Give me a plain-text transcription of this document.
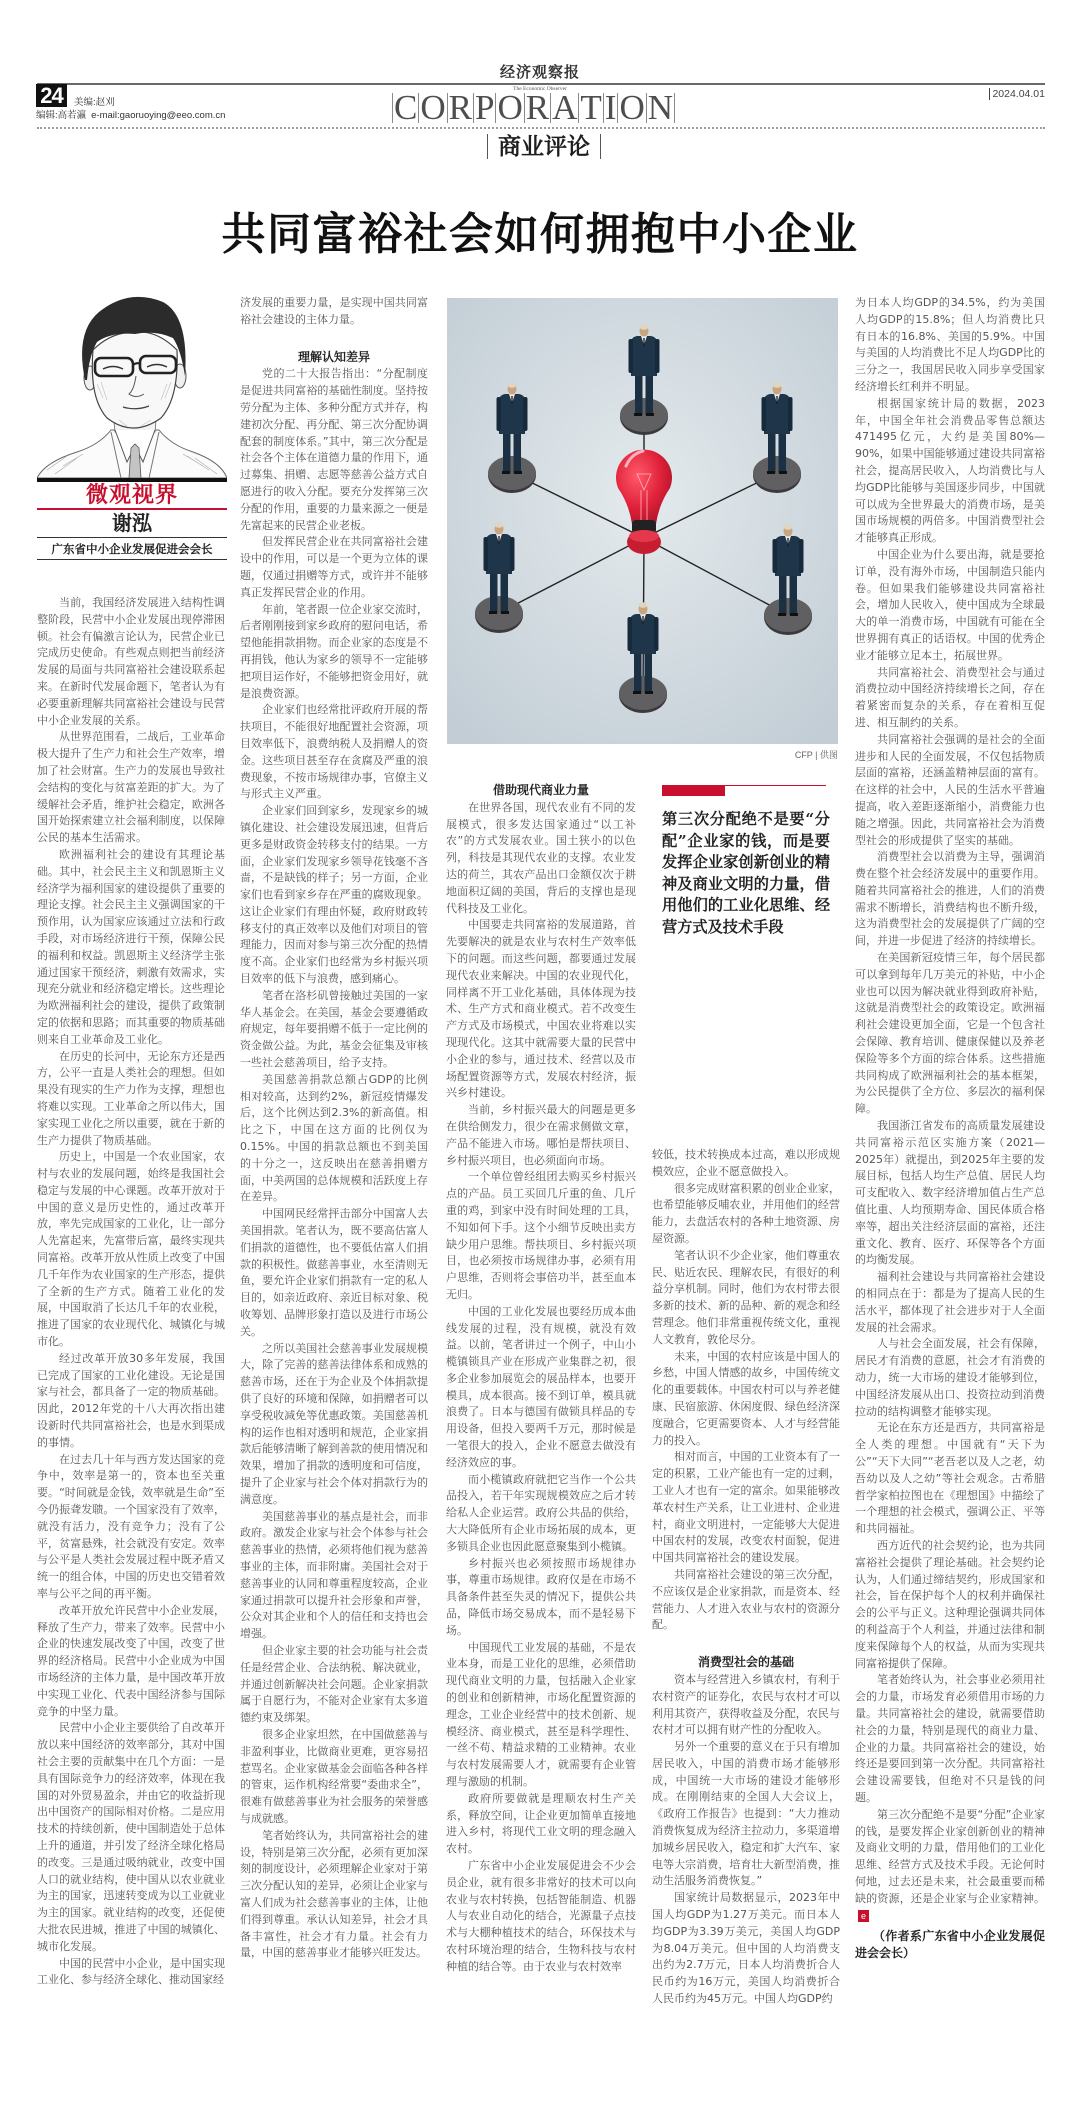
经济观察报
The Economic Observer
24	美编:赵刈
编辑:高若瀛 e-mail:gaoruoying@eeo.com.cn	CORPORATION	2024.04.01
商业评论
共同富裕社会如何拥抱中小企业
微观视界
谢泓
广东省中小企业发展促进会会长
CFP | 供图
第三次分配绝不是要“分配”企业家的钱，而是要发挥企业家创新创业的精神及商业文明的力量，借用他们的工业化思维、经营方式及技术手段

当前，我国经济发展进入结构性调整阶段，民营中小企业发展出现停滞困顿。社会有偏激言论认为，民营企业已完成历史使命。有些观点则把当前经济发展的局面与共同富裕社会建设联系起来。在新时代发展命题下，笔者认为有必要重新理解共同富裕社会建设与民营中小企业发展的关系。

从世界范围看，二战后，工业革命极大提升了生产力和社会生产效率，增加了社会财富。生产力的发展也导致社会结构的变化与贫富差距的扩大。为了缓解社会矛盾，维护社会稳定，欧洲各国开始探索建立社会福利制度，以保障公民的基本生活需求。

欧洲福利社会的建设有其理论基础。其中，社会民主主义和凯恩斯主义经济学为福利国家的建设提供了重要的理论支撑。社会民主主义强调国家的干预作用，认为国家应该通过立法和行政手段，对市场经济进行干预，保障公民的福利和权益。凯恩斯主义经济学主张通过国家干预经济，刺激有效需求，实现充分就业和经济稳定增长。这些理论为欧洲福利社会的建设，提供了政策制定的依据和思路；而其重要的物质基础则来自工业革命及工业化。

在历史的长河中，无论东方还是西方，公平一直是人类社会的理想。但如果没有现实的生产力作为支撑，理想也将难以实现。工业革命之所以伟大，国家实现工业化之所以重要，就在于新的生产力提供了物质基础。

历史上，中国是一个农业国家，农村与农业的发展问题，始终是我国社会稳定与发展的中心课题。改革开放对于中国的意义是历史性的，通过改革开放，率先完成国家的工业化，让一部分人先富起来，先富带后富，最终实现共同富裕。改革开放从性质上改变了中国几千年作为农业国家的生产形态，提供了全新的生产方式。随着工业化的发展，中国取消了长达几千年的农业税，推进了国家的农业现代化、城镇化与城市化。

经过改革开放30多年发展，我国已完成了国家的工业化建设。无论是国家与社会，都具备了一定的物质基础。因此，2012年党的十八大再次指出建设新时代共同富裕社会，也是水到渠成的事情。

在过去几十年与西方发达国家的竞争中，效率是第一的，资本也至关重要。“时间就是金钱，效率就是生命”至今仍振聋发聩。一个国家没有了效率，就没有活力，没有竞争力；没有了公平，贫富悬殊，社会就没有安定。效率与公平是人类社会发展过程中既矛盾又统一的组合体，中国的历史也交错着效率与公平之间的再平衡。

改革开放允许民营中小企业发展，释放了生产力，带来了效率。民营中小企业的快速发展改变了中国，改变了世界的经济格局。民营中小企业成为中国市场经济的主体力量，是中国改革开放中实现工业化、代表中国经济参与国际竞争的中坚力量。

民营中小企业主要供给了自改革开放以来中国经济的效率部分，其对中国社会主要的贡献集中在几个方面：一是具有国际竞争力的经济效率，体现在我国的对外贸易盈余，并由它的收益折现出中国资产的国际相对价格。二是应用技术的持续创新，使中国制造处于总体上升的通道，并引发了经济全球化格局的改变。三是通过吸纳就业，改变中国人口的就业结构，使中国从以农业就业为主的国家，迅速转变成为以工业就业为主的国家。就业结构的改变，还促使大批农民进城，推进了中国的城镇化、城市化发展。

中国的民营中小企业，是中国实现工业化、参与经济全球化、推动国家经

济发展的重要力量，是实现中国共同富裕社会建设的主体力量。

理解认知差异

党的二十大报告指出：“分配制度是促进共同富裕的基础性制度。坚持按劳分配为主体、多种分配方式并存，构建初次分配、再分配、第三次分配协调配套的制度体系。”其中，第三次分配是社会各个主体在道德力量的作用下，通过募集、捐赠、志愿等慈善公益方式自愿进行的收入分配。要充分发挥第三次分配的作用，重要的力量来源之一便是先富起来的民营企业老板。

但发挥民营企业在共同富裕社会建设中的作用，可以是一个更为立体的课题，仅通过捐赠等方式，或许并不能够真正发挥民营企业的作用。

年前，笔者跟一位企业家交流时，后者刚刚接到家乡政府的慰问电话，希望他能捐款捐物。而企业家的态度是不再捐钱，他认为家乡的领导不一定能够把项目运作好，不能够把资金用好，就是浪费资源。

企业家们也经常批评政府开展的帮扶项目，不能很好地配置社会资源，项目效率低下，浪费纳税人及捐赠人的资金。这些项目甚至存在贪腐及严重的浪费现象，不按市场规律办事，官僚主义与形式主义严重。

企业家们回到家乡，发现家乡的城镇化建设、社会建设发展迅速，但背后更多是财政资金转移支付的结果。一方面，企业家们发现家乡领导花钱毫不吝啬，不是缺钱的样子；另一方面，企业家们也看到家乡存在严重的腐败现象。这让企业家们有理由怀疑，政府财政转移支付的真正效率以及他们对项目的管理能力，因而对参与第三次分配的热情度不高。企业家们也经常为乡村振兴项目效率的低下与浪费，感到痛心。

笔者在洛杉矶曾接触过美国的一家华人基金会。在美国，基金会要遵循政府规定，每年要捐赠不低于一定比例的资金做公益。为此，基金会征集及审核一些社会慈善项目，给予支持。

美国慈善捐款总额占GDP的比例相对较高，达到约2%，新冠疫情爆发后，这个比例达到2.3%的新高值。相比之下，中国在这方面的比例仅为0.15%。中国的捐款总额也不到美国的十分之一，这反映出在慈善捐赠方面，中美两国的总体规模和活跃度上存在差异。

中国网民经常抨击部分中国富人去美国捐款。笔者认为，既不要高估富人们捐款的道德性，也不要低估富人们捐款的积极性。做慈善事业，水至清则无鱼，要允许企业家们捐款有一定的私人目的，如亲近政府、亲近目标对象、税收筹划、品牌形象打造以及进行市场公关。

之所以美国社会慈善事业发展规模大，除了完善的慈善法律体系和成熟的慈善市场，还在于为企业及个体捐款提供了良好的环境和保障，如捐赠者可以享受税收减免等优惠政策。美国慈善机构的运作也相对透明和规范，企业家捐款后能够清晰了解到善款的使用情况和效果，增加了捐款的透明度和可信度，提升了企业家与社会个体对捐款行为的满意度。

美国慈善事业的基点是社会，而非政府。激发企业家与社会个体参与社会慈善事业的热情，必须将他们视为慈善事业的主体，而非附庸。美国社会对于慈善事业的认同和尊重程度较高，企业家通过捐款可以提升社会形象和声誉，公众对其企业和个人的信任和支持也会增强。

但企业家主要的社会功能与社会责任是经营企业、合法纳税、解决就业，并通过创新解决社会问题。企业家捐款属于自愿行为，不能对企业家有太多道德约束及绑架。

很多企业家坦然，在中国做慈善与非盈利事业，比做商业更难，更容易招惹骂名。企业家做基金会面临各种各样的管束，运作机构经常要“委曲求全”，很难有做慈善事业为社会服务的荣誉感与成就感。

笔者始终认为，共同富裕社会的建设，特别是第三次分配，必须有更加深刻的制度设计，必须理解企业家对于第三次分配认知的差异，必须让企业家与富人们成为社会慈善事业的主体，让他们得到尊重。承认认知差异，社会才具备丰富性，社会才有力量。社会有力量，中国的慈善事业才能够兴旺发达。

借助现代商业力量

在世界各国，现代农业有不同的发展模式，很多发达国家通过“以工补农”的方式发展农业。国土狭小的以色列，科技是其现代农业的支撑。农业发达的荷兰，其农产品出口金额仅次于耕地面积辽阔的美国，背后的支撑也是现代科技及工业化。

中国要走共同富裕的发展道路，首先要解决的就是农业与农村生产效率低下的问题。而这些问题，都要通过发展现代农业来解决。中国的农业现代化，同样离不开工业化基础，具体体现为技术、生产方式和商业模式。若不改变生产方式及市场模式，中国农业将难以实现现代化。这其中就需要大量的民营中小企业的参与，通过技术、经营以及市场配置资源等方式，发展农村经济，振兴乡村建设。

当前，乡村振兴最大的问题是更多在供给侧发力，很少在需求侧做文章，产品不能进入市场。哪怕是帮扶项目、乡村振兴项目，也必须面向市场。

一个单位曾经组团去购买乡村振兴点的产品。员工买回几斤重的鱼、几斤重的鸡，到家中没有时间处理的工具，不知如何下手。这个小细节反映出卖方缺少用户思维。帮扶项目、乡村振兴项目，也必须按市场规律办事，必须有用户思维，否则将会事倍功半，甚至血本无归。

中国的工业化发展也要经历成本曲线发展的过程，没有规模，就没有效益。以前，笔者讲过一个例子，中山小榄镇锁具产业在形成产业集群之初，很多企业参加展览会的展品样本，也要开模具，成本很高。接不到订单，模具就浪费了。日本与德国有做锁具样品的专用设备，但投入要两千万元，那时候是一笔很大的投入，企业不愿意去做没有经济效应的事。

而小榄镇政府就把它当作一个公共品投入，若干年实现规模效应之后才转给私人企业运营。政府公共品的供给，大大降低所有企业市场拓展的成本，更多锁具企业也因此愿意聚集到小榄镇。

乡村振兴也必须按照市场规律办事，尊重市场规律。政府仅是在市场不具备条件甚至失灵的情况下，提供公共品，降低市场交易成本，而不是轻易下场。

中国现代工业发展的基础，不是农业本身，而是工业化的思维，必须借助现代商业文明的力量，包括融入企业家的创业和创新精神，市场化配置资源的理念，工业企业经营中的技术创新、规模经济、商业模式，甚至是科学理性、一丝不苟、精益求精的工业精神。农业与农村发展需要人才，就需要有企业管理与激励的机制。

政府所要做就是理顺农村生产关系，释放空间，让企业更加简单直接地进入乡村，将现代工业文明的理念融入农村。

广东省中小企业发展促进会不少会员企业，就有很多非常好的技术可以向农业与农村转换，包括智能制造、机器人与农业自动化的结合，光源量子点技术与大棚种植技术的结合，环保技术与农村环境治理的结合，生物科技与农村种植的结合等。由于农业与农村效率

较低，技术转换成本过高，难以形成规模效应，企业不愿意做投入。

很多完成财富积累的创业企业家，也希望能够反哺农业，并用他们的经营能力，去盘活农村的各种土地资源、房屋资源。

笔者认识不少企业家，他们尊重农民、贴近农民、理解农民，有很好的利益分享机制。同时，他们为农村带去很多新的技术、新的品种、新的观念和经营理念。他们非常重视传统文化，重视人文教育，敦伦尽分。

未来，中国的农村应该是中国人的乡愁，中国人情感的故乡，中国传统文化的重要载体。中国农村可以与养老健康、民宿旅游、休闲度假、绿色经济深度融合，它更需要资本、人才与经营能力的投入。

相对而言，中国的工业资本有了一定的积累，工业产能也有一定的过剩，工业人才也有一定的富余。如果能够改革农村生产关系，让工业进村、企业进村，商业文明进村，一定能够大大促进中国农村的发展，改变农村面貌，促进中国共同富裕社会的建设发展。

共同富裕社会建设的第三次分配，不应该仅是企业家捐款，而是资本、经营能力、人才进入农业与农村的资源分配。

消费型社会的基础

资本与经营进入乡镇农村，有利于农村资产的证券化，农民与农村才可以利用其资产，获得收益及分配，农民与农村才可以拥有财产性的分配收入。

另外一个重要的意义在于只有增加居民收入，中国的消费市场才能够形成，中国统一大市场的建设才能够形成。在刚刚结束的全国人大会议上，《政府工作报告》也提到：“大力推动消费恢复成为经济主拉动力，多渠道增加城乡居民收入，稳定和扩大汽车、家电等大宗消费，培育壮大新型消费，推动生活服务消费恢复。”

国家统计局数据显示，2023年中国人均GDP为1.27万美元。而日本人均GDP为3.39万美元，美国人均GDP为8.04万美元。但中国的人均消费支出约为2.7万元，日本人均消费折合人民币约为16万元，美国人均消费折合人民币约为45万元。中国人均GDP约

为日本人均GDP的34.5%，约为美国人均GDP的15.8%；但人均消费比只有日本的16.8%、美国的5.9%。中国与美国的人均消费比不足人均GDP比的三分之一，我国居民收入同步享受国家经济增长红利并不明显。

根据国家统计局的数据，2023年，中国全年社会消费品零售总额达471495亿元，大约是美国80%—90%，如果中国能够通过建设共同富裕社会，提高居民收入，人均消费比与人均GDP比能够与美国逐步同步，中国就可以成为全世界最大的消费市场，是美国市场规模的两倍多。中国消费型社会才能够真正形成。

中国企业为什么要出海，就是要抢订单，没有海外市场，中国制造只能内卷。但如果我们能够建设共同富裕社会，增加人民收入，使中国成为全球最大的单一消费市场，中国就有可能在全世界拥有真正的话语权。中国的优秀企业才能够立足本土，拓展世界。

共同富裕社会、消费型社会与通过消费拉动中国经济持续增长之间，存在着紧密而复杂的关系，存在着相互促进、相互制约的关系。

共同富裕社会强调的是社会的全面进步和人民的全面发展，不仅包括物质层面的富裕，还涵盖精神层面的富有。在这样的社会中，人民的生活水平普遍提高，收入差距逐渐缩小，消费能力也随之增强。因此，共同富裕社会为消费型社会的形成提供了坚实的基础。

消费型社会以消费为主导，强调消费在整个社会经济发展中的重要作用。随着共同富裕社会的推进，人们的消费需求不断增长，消费结构也不断升级，这为消费型社会的发展提供了广阔的空间，并进一步促进了经济的持续增长。

在美国新冠疫情三年，每个居民都可以拿到每年几万美元的补贴，中小企业也可以因为解决就业得到政府补贴，这就是消费型社会的政策设定。欧洲福利社会建设更加全面，它是一个包含社会保障、教育培训、健康保健以及养老保险等多个方面的综合体系。这些措施共同构成了欧洲福利社会的基本框架，为公民提供了全方位、多层次的福利保障。

我国浙江省发布的高质量发展建设共同富裕示范区实施方案（2021—2025年）就提出，到2025年主要的发展目标，包括人均生产总值、居民人均可支配收入、数字经济增加值占生产总值比重、人均预期寿命、国民体质合格率等，超出关注经济层面的富裕，还注重文化、教育、医疗、环保等各个方面的均衡发展。

福利社会建设与共同富裕社会建设的相同点在于：都是为了提高人民的生活水平，都体现了社会进步对于人全面发展的社会需求。

人与社会全面发展，社会有保障，居民才有消费的意愿，社会才有消费的动力，统一大市场的建设才能够到位，中国经济发展从出口、投资拉动到消费拉动的结构调整才能够实现。

无论在东方还是西方，共同富裕是全人类的理想。中国就有“天下为公”“天下大同”“老吾老以及人之老，幼吾幼以及人之幼”等社会观念。古希腊哲学家柏拉图也在《理想国》中描绘了一个理想的社会模式，强调公正、平等和共同福祉。

西方近代的社会契约论，也为共同富裕社会提供了理论基础。社会契约论认为，人们通过缔结契约，形成国家和社会，旨在保护每个人的权利并确保社会的公平与正义。这种理论强调共同体的利益高于个人利益，并通过法律和制度来保障每个人的权益，从而为实现共同富裕提供了保障。

笔者始终认为，社会事业必须用社会的力量，市场发育必须借用市场的力量。共同富裕社会的建设，就需要借助社会的力量，特别是现代的商业力量、企业的力量。共同富裕社会的建设，始终还是要回到第一次分配。共同富裕社会建设需要钱，但绝对不只是钱的问题。

第三次分配绝不是要“分配”企业家的钱，是要发挥企业家创新创业的精神及商业文明的力量，借用他们的工业化思维、经营方式及技术手段。无论何时何地，过去还是未来，社会最重要而稀缺的资源，还是企业家与企业家精神。e

（作者系广东省中小企业发展促进会会长）
